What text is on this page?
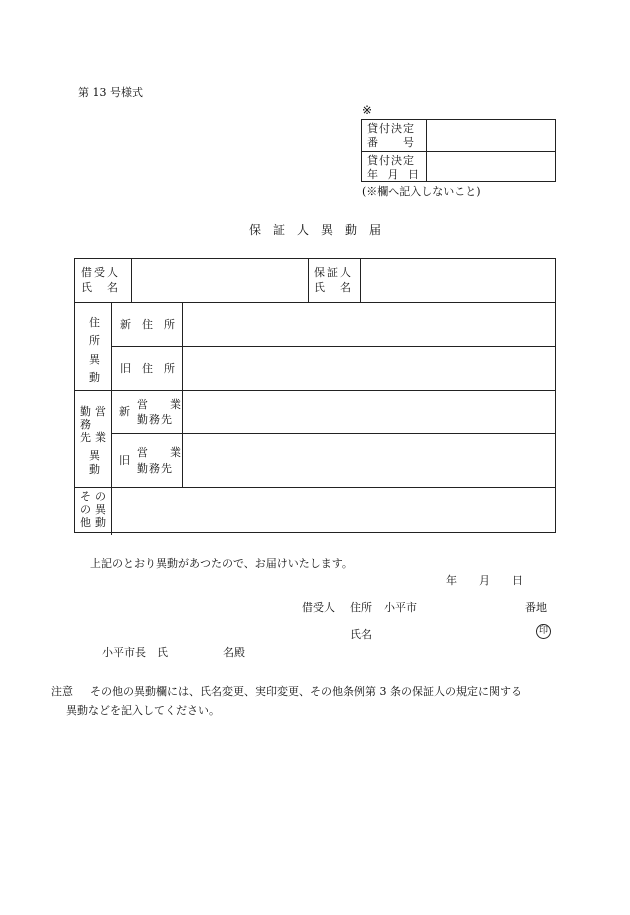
第 13 号様式
※
貸付決定
番　　号
貸付決定
年 月 日
(※欄へ記入しないこと)
保　証　人　異　動　届
借受人
氏　名
保証人
氏　名
住
所
異
動
新　住　所
旧　住　所
勤
務
先
営
業
異
動
新
営　　業
勤務先
旧
営　　業
勤務先
そ
の
他
の
異
動
上記のとおり異動があつたので、お届けいたします。
年　　月　　日
借受人 住所 小平市	番地
氏名	印
小平市長　氏　　　　　名殿
注意 その他の異動欄には、氏名変更、実印変更、その他条例第 3 条の保証人の規定に関する
異動などを記入してください。
